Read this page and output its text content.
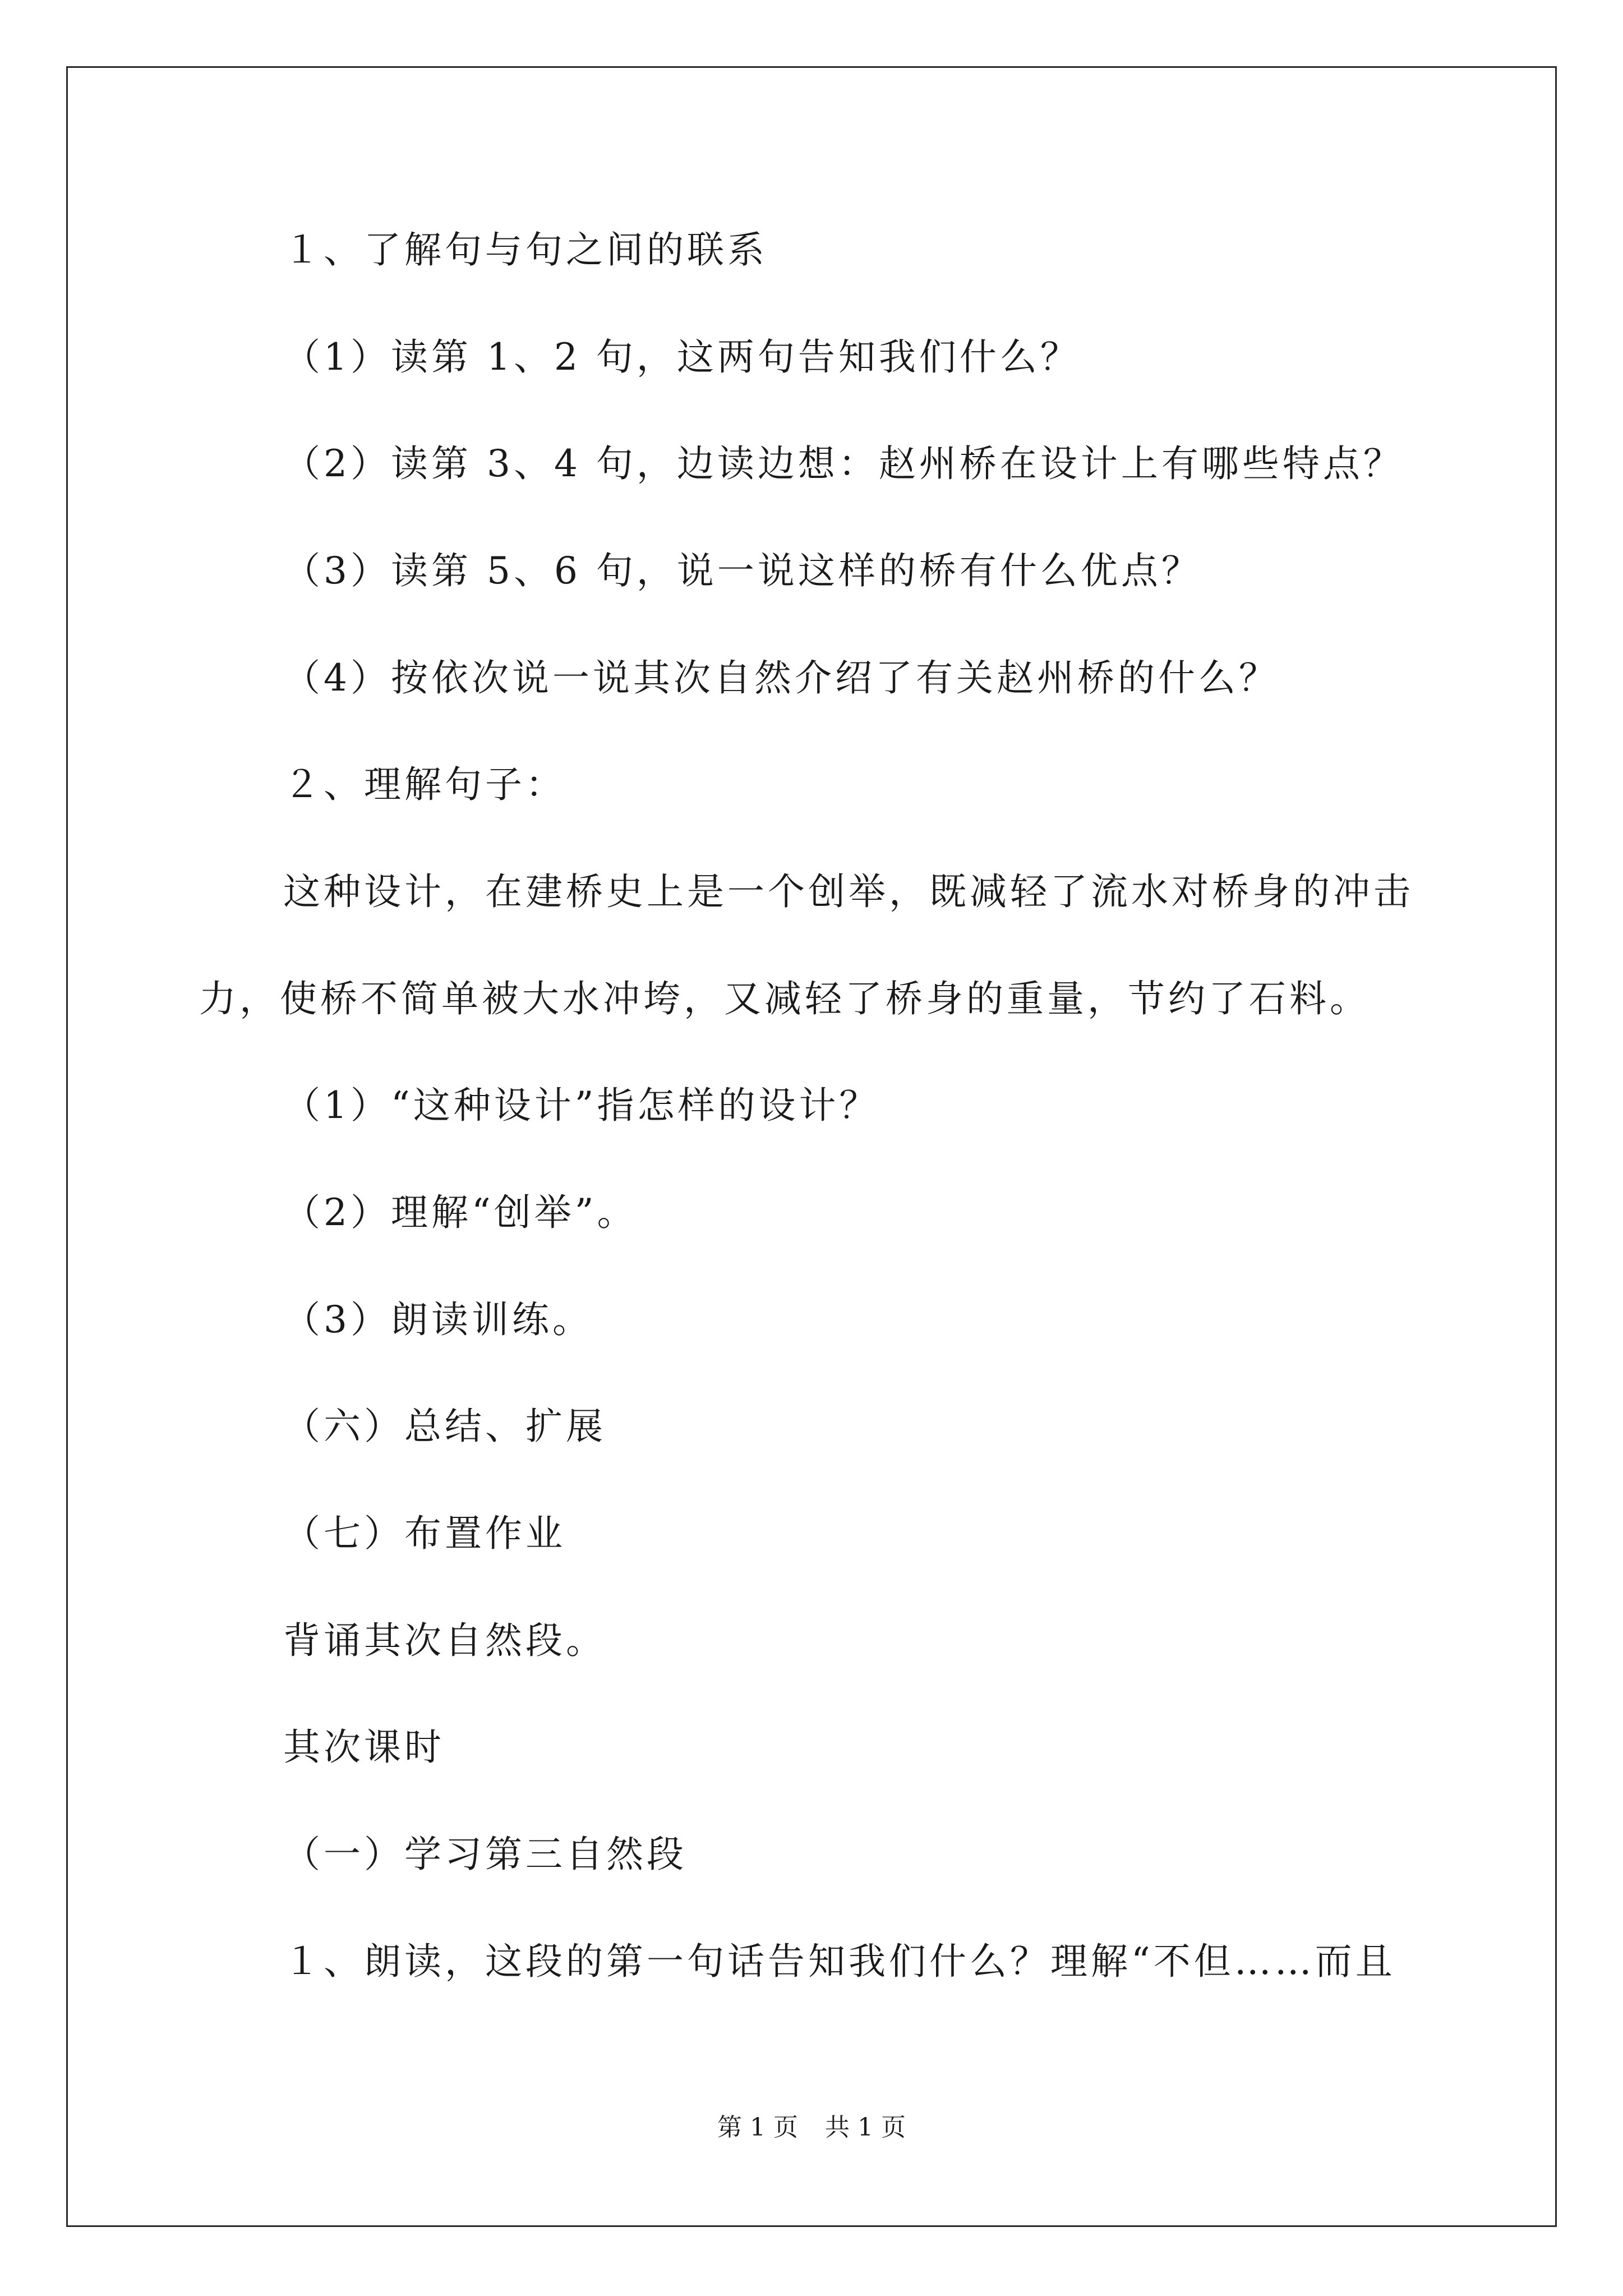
１、了解句与句之间的联系
（1）读第 1、2 句，这两句告知我们什么？
（2）读第 3、4 句，边读边想：赵州桥在设计上有哪些特点？
（3）读第 5、6 句，说一说这样的桥有什么优点？
（4）按依次说一说其次自然介绍了有关赵州桥的什么？
２、理解句子：
这种设计，在建桥史上是一个创举，既减轻了流水对桥身的冲击
力，使桥不简单被大水冲垮，又减轻了桥身的重量，节约了石料。
（1）“这种设计”指怎样的设计？
（2）理解“创举”。
（3）朗读训练。
（六）总结、扩展
（七）布置作业
背诵其次自然段。
其次课时
（一）学习第三自然段
１、朗读，这段的第一句话告知我们什么？理解“不但……而且
第 1 页 共 1 页
